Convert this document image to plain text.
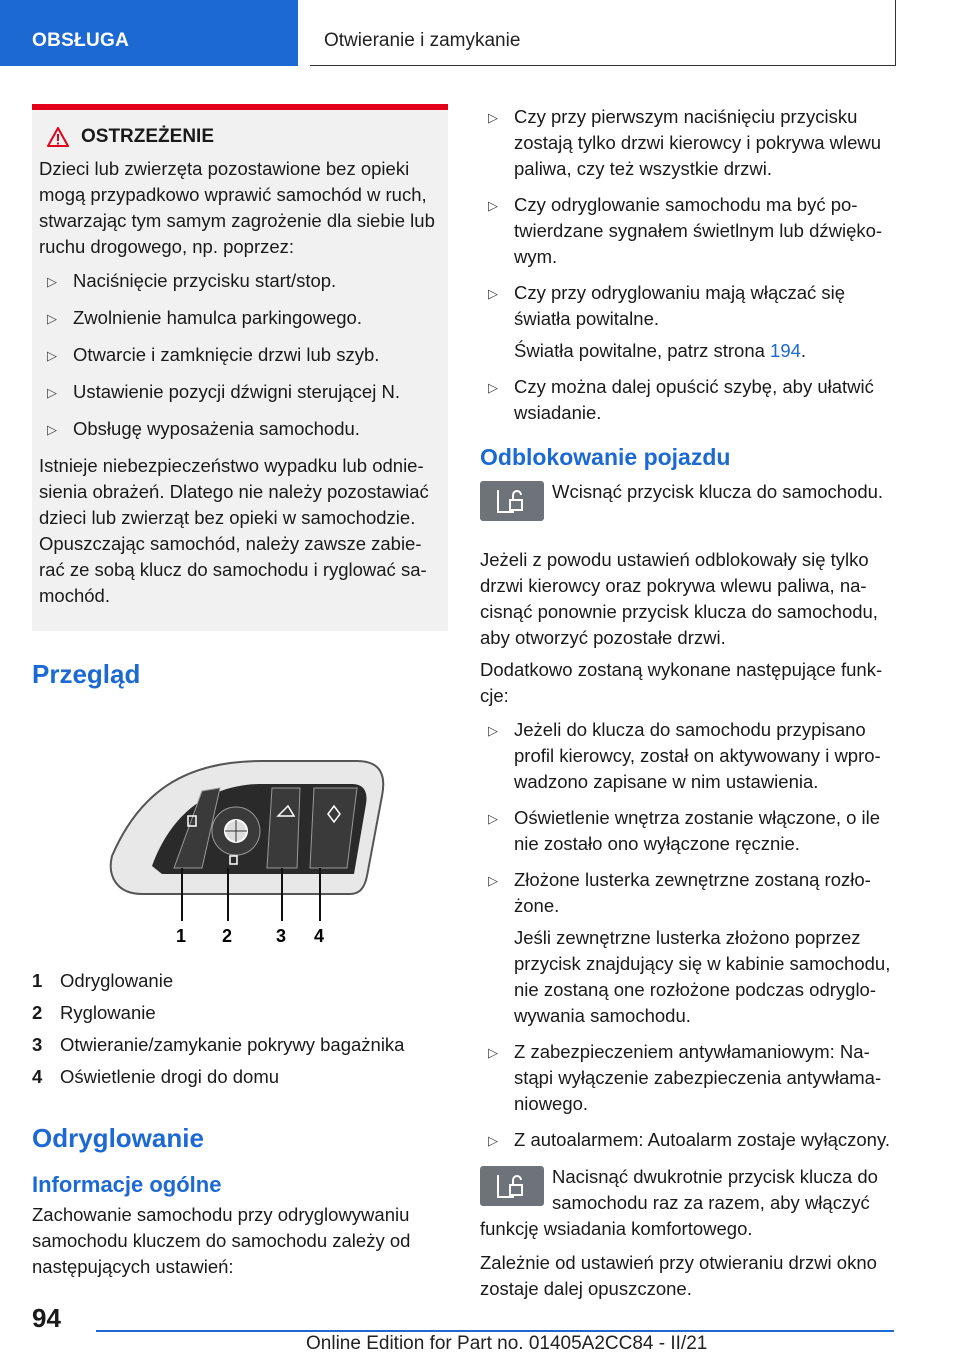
OBSŁUGA	Otwieranie i zamykanie
OSTRZEŻENIE
Dzieci lub zwierzęta pozostawione bez opieki mogą przypadkowo wprawić samochód w ruch, stwarzając tym samym zagrożenie dla siebie lub ruchu drogowego, np. poprzez:
▷ Naciśnięcie przycisku start/stop.
▷ Zwolnienie hamulca parkingowego.
▷ Otwarcie i zamknięcie drzwi lub szyb.
▷ Ustawienie pozycji dźwigni sterującej N.
▷ Obsługę wyposażenia samochodu.
Istnieje niebezpieczeństwo wypadku lub odnie-sienia obrażeń. Dlatego nie należy pozostawiać dzieci lub zwierząt bez opieki w samochodzie. Opuszczając samochód, należy zawsze zabie-rać ze sobą klucz do samochodu i ryglować sa-mochód.
Przegląd
1 2 3 4
1 Odryglowanie
2 Ryglowanie
3 Otwieranie/zamykanie pokrywy bagażnika
4 Oświetlenie drogi do domu
Odryglowanie
Informacje ogólne
Zachowanie samochodu przy odryglowywaniu samochodu kluczem do samochodu zależy od następujących ustawień:
▷ Czy przy pierwszym naciśnięciu przycisku zostają tylko drzwi kierowcy i pokrywa wlewu paliwa, czy też wszystkie drzwi.
▷ Czy odryglowanie samochodu ma być po-twierdzane sygnałem świetlnym lub dźwięko-wym.
▷ Czy przy odryglowaniu mają włączać się światła powitalne.
Światła powitalne, patrz strona 194.
▷ Czy można dalej opuścić szybę, aby ułatwić wsiadanie.
Odblokowanie pojazdu
Wcisnąć przycisk klucza do samochodu.
Jeżeli z powodu ustawień odblokowały się tylko drzwi kierowcy oraz pokrywa wlewu paliwa, na-cisnąć ponownie przycisk klucza do samochodu, aby otworzyć pozostałe drzwi.
Dodatkowo zostaną wykonane następujące funk-cje:
▷ Jeżeli do klucza do samochodu przypisano profil kierowcy, został on aktywowany i wpro-wadzono zapisane w nim ustawienia.
▷ Oświetlenie wnętrza zostanie włączone, o ile nie zostało ono wyłączone ręcznie.
▷ Złożone lusterka zewnętrzne zostaną rozło-żone.
Jeśli zewnętrzne lusterka złożono poprzez przycisk znajdujący się w kabinie samochodu, nie zostaną one rozłożone podczas odryglo-wywania samochodu.
▷ Z zabezpieczeniem antywłamaniowym: Na-stąpi wyłączenie zabezpieczenia antywłama-niowego.
▷ Z autoalarmem: Autoalarm zostaje wyłączony.
Nacisnąć dwukrotnie przycisk klucza do samochodu raz za razem, aby włączyć funkcję wsiadania komfortowego.
Zależnie od ustawień przy otwieraniu drzwi okno zostaje dalej opuszczone.
94
Online Edition for Part no. 01405A2CC84 - II/21
